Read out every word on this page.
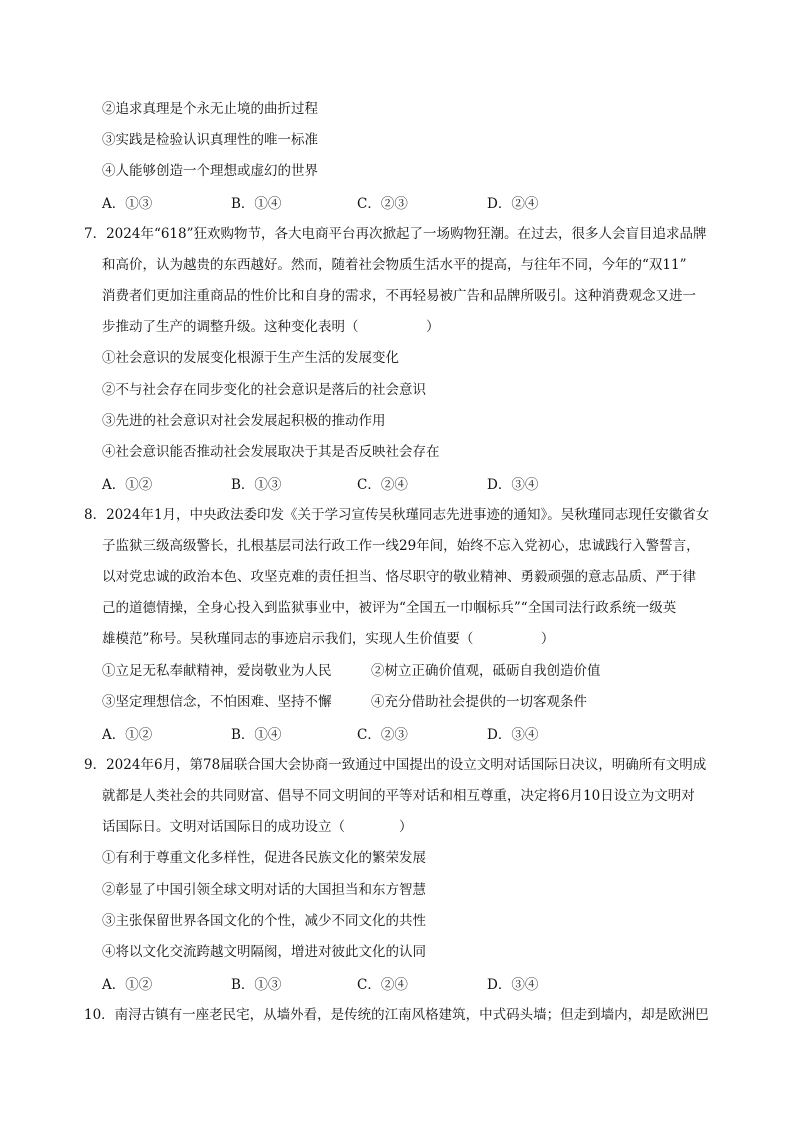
②追求真理是个永无止境的曲折过程
③实践是检验认识真理性的唯一标准
④人能够创造一个理想或虚幻的世界
A．①③	B．①④	C．②③	D．②④
7．2024年“618”狂欢购物节，各大电商平台再次掀起了一场购物狂潮。在过去，很多人会盲目追求品牌
和高价，认为越贵的东西越好。然而，随着社会物质生活水平的提高，与往年不同，今年的“双11”
消费者们更加注重商品的性价比和自身的需求，不再轻易被广告和品牌所吸引。这种消费观念又进一
步推动了生产的调整升级。这种变化表明（　　　　　）
①社会意识的发展变化根源于生产生活的发展变化
②不与社会存在同步变化的社会意识是落后的社会意识
③先进的社会意识对社会发展起积极的推动作用
④社会意识能否推动社会发展取决于其是否反映社会存在
A．①②	B．①③	C．②④	D．③④
8．2024年1月，中央政法委印发《关于学习宣传吴秋瑾同志先进事迹的通知》。吴秋瑾同志现任安徽省女
子监狱三级高级警长，扎根基层司法行政工作一线29年间，始终不忘入党初心，忠诚践行入警誓言，
以对党忠诚的政治本色、攻坚克难的责任担当、恪尽职守的敬业精神、勇毅顽强的意志品质、严于律
己的道德情操，全身心投入到监狱事业中，被评为“全国五一巾帼标兵”“全国司法行政系统一级英
雄模范”称号。吴秋瑾同志的事迹启示我们，实现人生价值要（　　　　　）
①立足无私奉献精神，爱岗敬业为人民	②树立正确价值观，砥砺自我创造价值
③坚定理想信念，不怕困难、坚持不懈	④充分借助社会提供的一切客观条件
A．①②	B．①④	C．②③	D．③④
9．2024年6月，第78届联合国大会协商一致通过中国提出的设立文明对话国际日决议，明确所有文明成
就都是人类社会的共同财富、倡导不同文明间的平等对话和相互尊重，决定将6月10日设立为文明对
话国际日。文明对话国际日的成功设立（　　　　）
①有利于尊重文化多样性，促进各民族文化的繁荣发展
②彰显了中国引领全球文明对话的大国担当和东方智慧
③主张保留世界各国文化的个性，减少不同文化的共性
④将以文化交流跨越文明隔阂，增进对彼此文化的认同
A．①②	B．①③	C．②④	D．③④
10．南浔古镇有一座老民宅，从墙外看，是传统的江南风格建筑，中式码头墙；但走到墙内，却是欧洲巴
